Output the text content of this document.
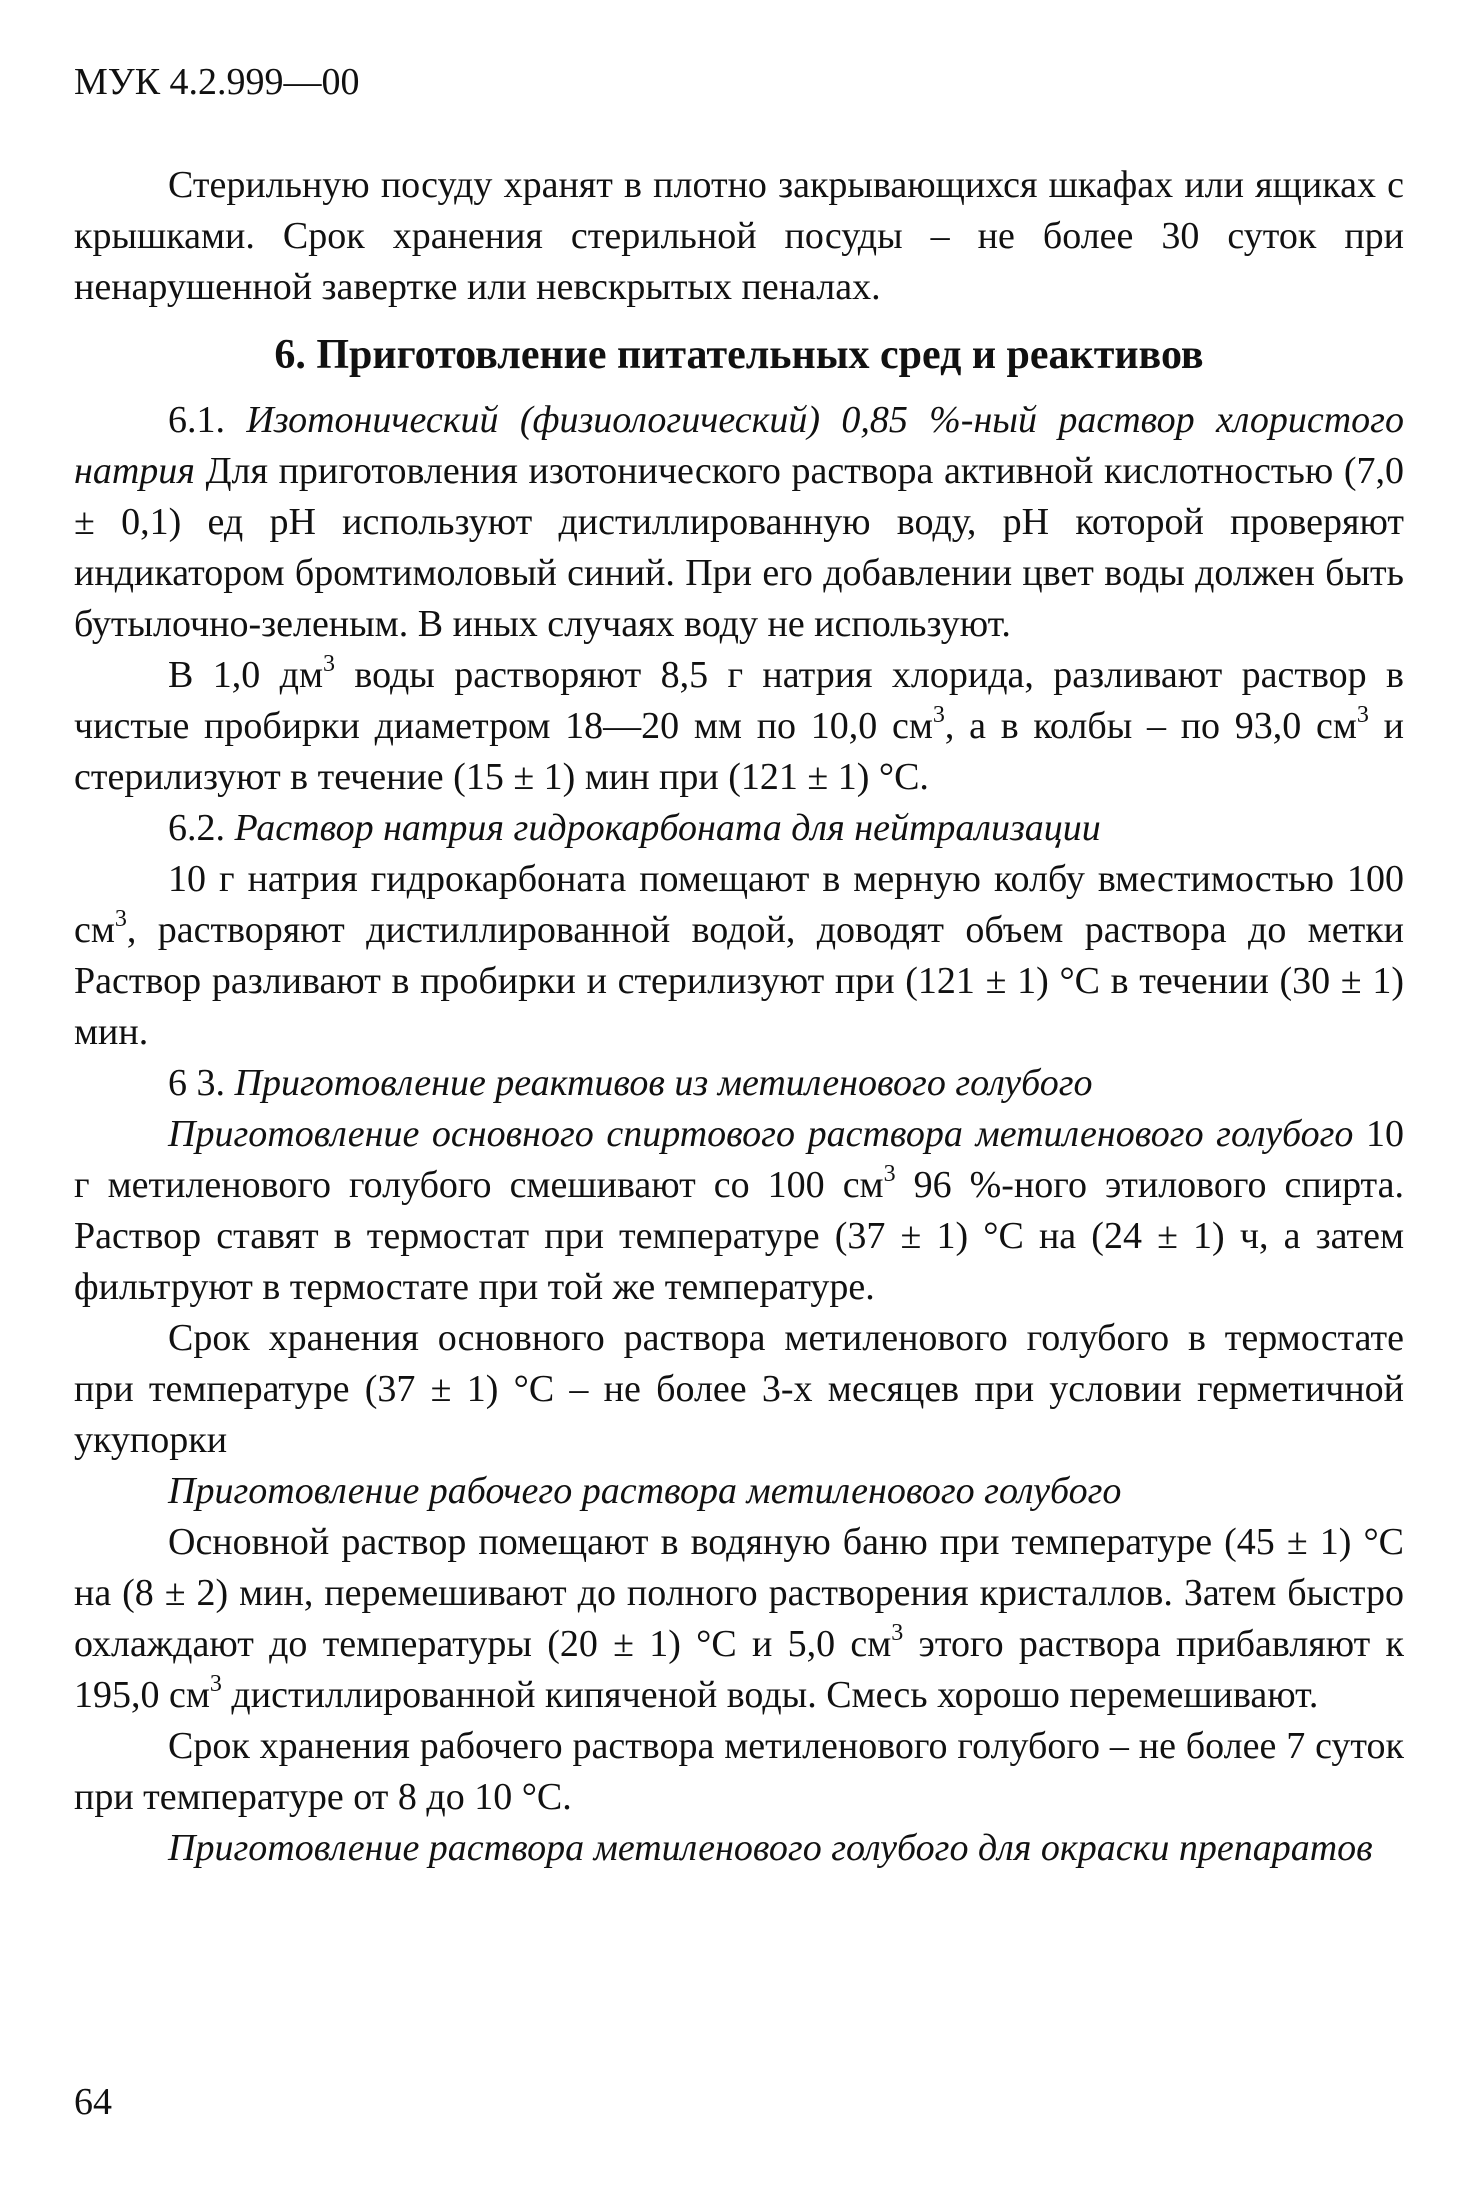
МУК 4.2.999—00

Стерильную посуду хранят в плотно закрывающихся шкафах или ящиках с крышками. Срок хранения стерильной посуды – не более 30 суток при ненарушенной завертке или невскрытых пеналах.

6. Приготовление питательных сред и реактивов

6.1. Изотонический (физиологический) 0,85 %-ный раствор хлористого натрия Для приготовления изотонического раствора активной кислотностью (7,0 ± 0,1) ед pH используют дистиллированную воду, pH которой проверяют индикатором бромтимоловый синий. При его добавлении цвет воды должен быть бутылочно-зеленым. В иных случаях воду не используют.

В 1,0 $дм^3$ воды растворяют 8,5 г натрия хлорида, разливают раствор в чистые пробирки диаметром 18—20 мм по 10,0 $см^3$, а в колбы – по 93,0 $см^3$ и стерилизуют в течение (15 ± 1) мин при (121 ± 1) °С.

6.2. Раствор натрия гидрокарбоната для нейтрализации

10 г натрия гидрокарбоната помещают в мерную колбу вместимостью 100 $см^3$, растворяют дистиллированной водой, доводят объем раствора до метки Раствор разливают в пробирки и стерилизуют при (121 ± 1) °С в течении (30 ± 1) мин.

6 3. Приготовление реактивов из метиленового голубого

Приготовление основного спиртового раствора метиленового голубого 10 г метиленового голубого смешивают со 100 $см^3$ 96 %-ного этилового спирта. Раствор ставят в термостат при температуре (37 ± 1) °С на (24 ± 1) ч, а затем фильтруют в термостате при той же температуре.

Срок хранения основного раствора метиленового голубого в термостате при температуре (37 ± 1) °С – не более 3-х месяцев при условии герметичной укупорки

Приготовление рабочего раствора метиленового голубого

Основной раствор помещают в водяную баню при температуре (45 ± 1) °С на (8 ± 2) мин, перемешивают до полного растворения кристаллов. Затем быстро охлаждают до температуры (20 ± 1) °С и 5,0 $см^3$ этого раствора прибавляют к 195,0 $см^3$ дистиллированной кипяченой воды. Смесь хорошо перемешивают.

Срок хранения рабочего раствора метиленового голубого – не более 7 суток при температуре от 8 до 10 °С.

Приготовление раствора метиленового голубого для окраски препаратов

64
